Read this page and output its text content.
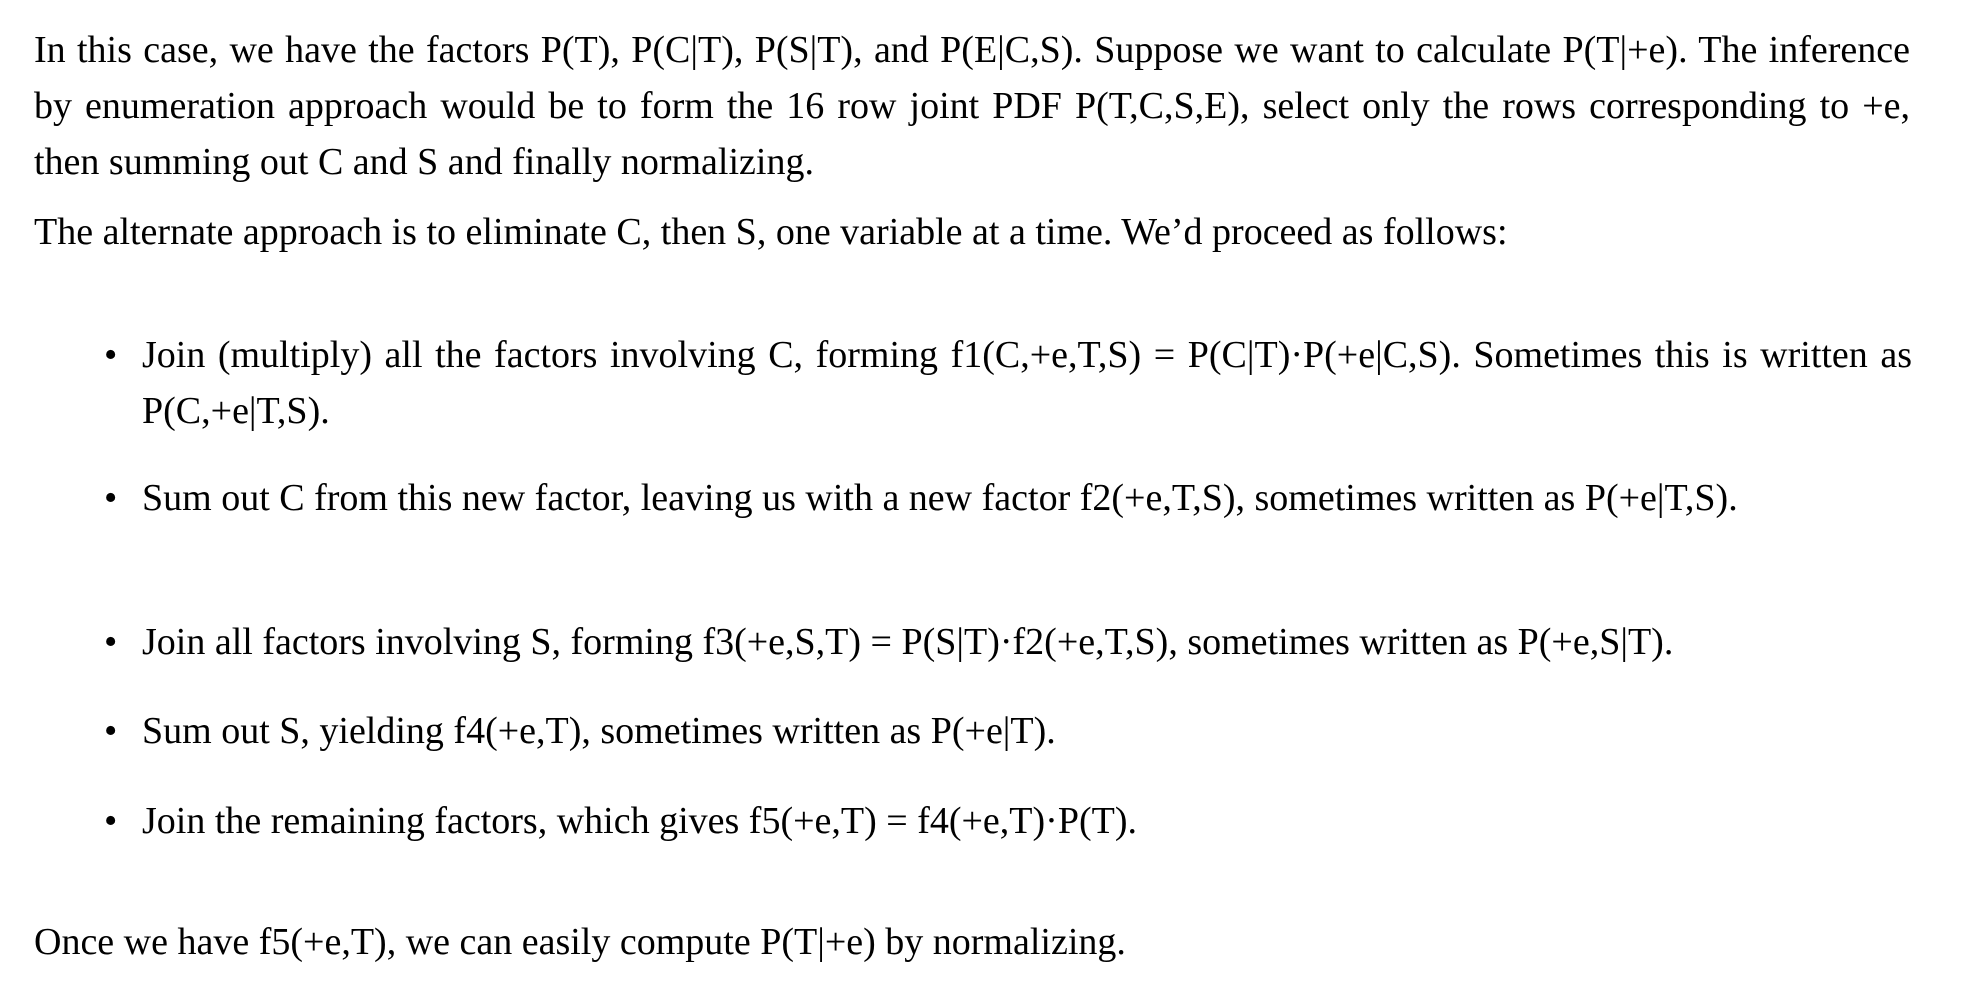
In this case, we have the factors P(T), P(C|T), P(S|T), and P(E|C,S). Suppose we want to calculate P(T|+e). The inference by enumeration approach would be to form the 16 row joint PDF P(T,C,S,E), select only the rows corresponding to +e, then summing out C and S and finally normalizing.

The alternate approach is to eliminate C, then S, one variable at a time. We’d proceed as follows:

• Join (multiply) all the factors involving C, forming f1(C,+e,T,S) = P(C|T)·P(+e|C,S). Sometimes this is written as P(C,+e|T,S).
• Sum out C from this new factor, leaving us with a new factor f2(+e,T,S), sometimes written as P(+e|T,S).
• Join all factors involving S, forming f3(+e,S,T) = P(S|T)·f2(+e,T,S), sometimes written as P(+e,S|T).
• Sum out S, yielding f4(+e,T), sometimes written as P(+e|T).
• Join the remaining factors, which gives f5(+e,T) = f4(+e,T)·P(T).

Once we have f5(+e,T), we can easily compute P(T|+e) by normalizing.
